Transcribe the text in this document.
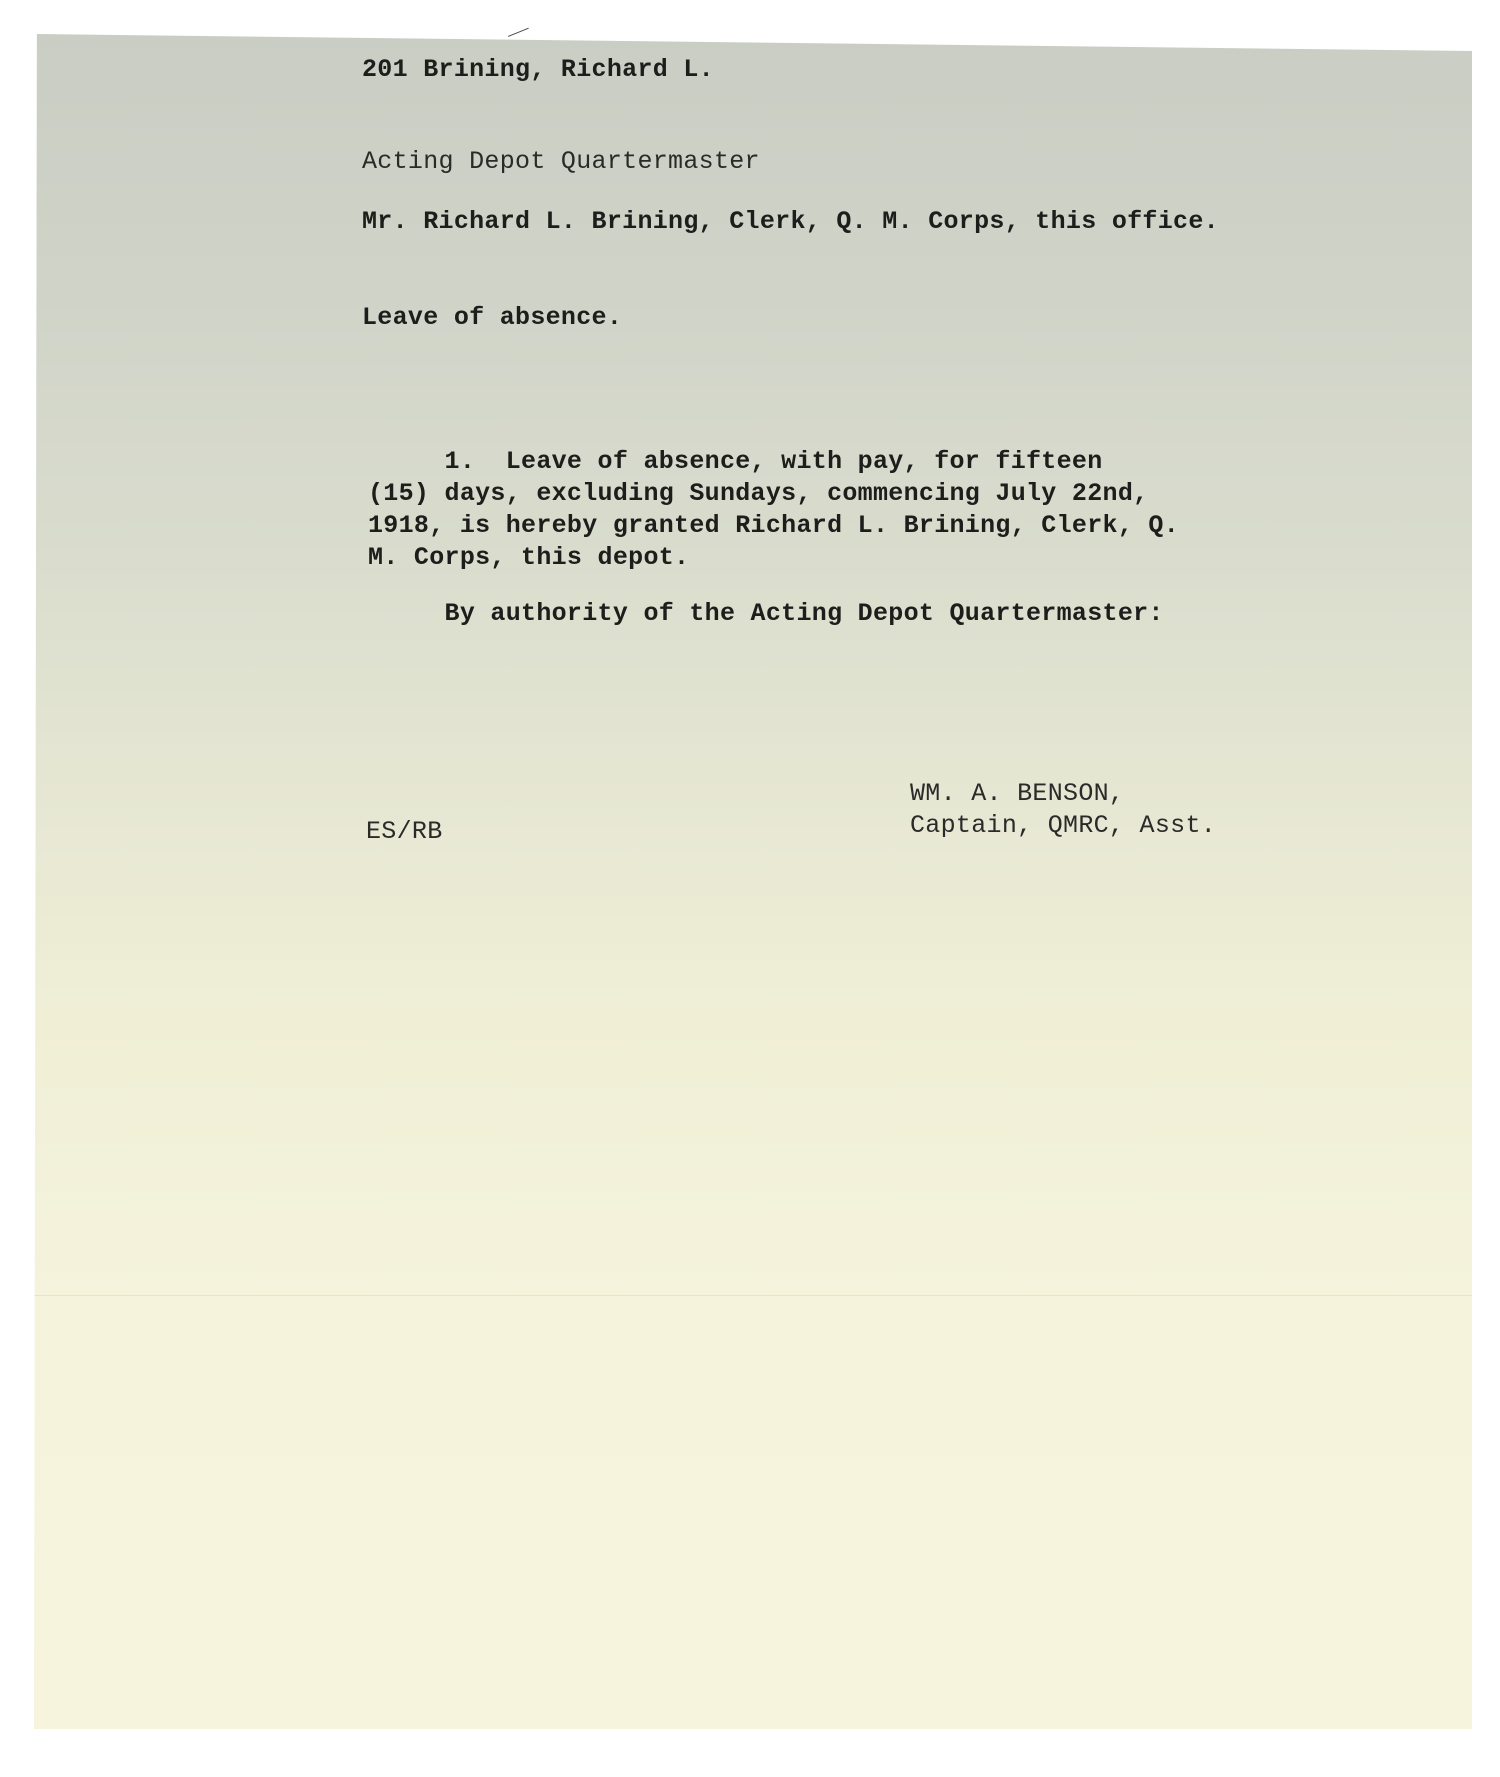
201 Brining, Richard L.

Acting Depot Quartermaster

Mr. Richard L. Brining, Clerk, Q. M. Corps, this office.

Leave of absence.

1.  Leave of absence, with pay, for fifteen

(15) days, excluding Sundays, commencing July 22nd,

1918, is hereby granted Richard L. Brining, Clerk, Q.

M. Corps, this depot.

By authority of the Acting Depot Quartermaster:

WM. A. BENSON,

Captain, QMRC, Asst.

ES/RB
